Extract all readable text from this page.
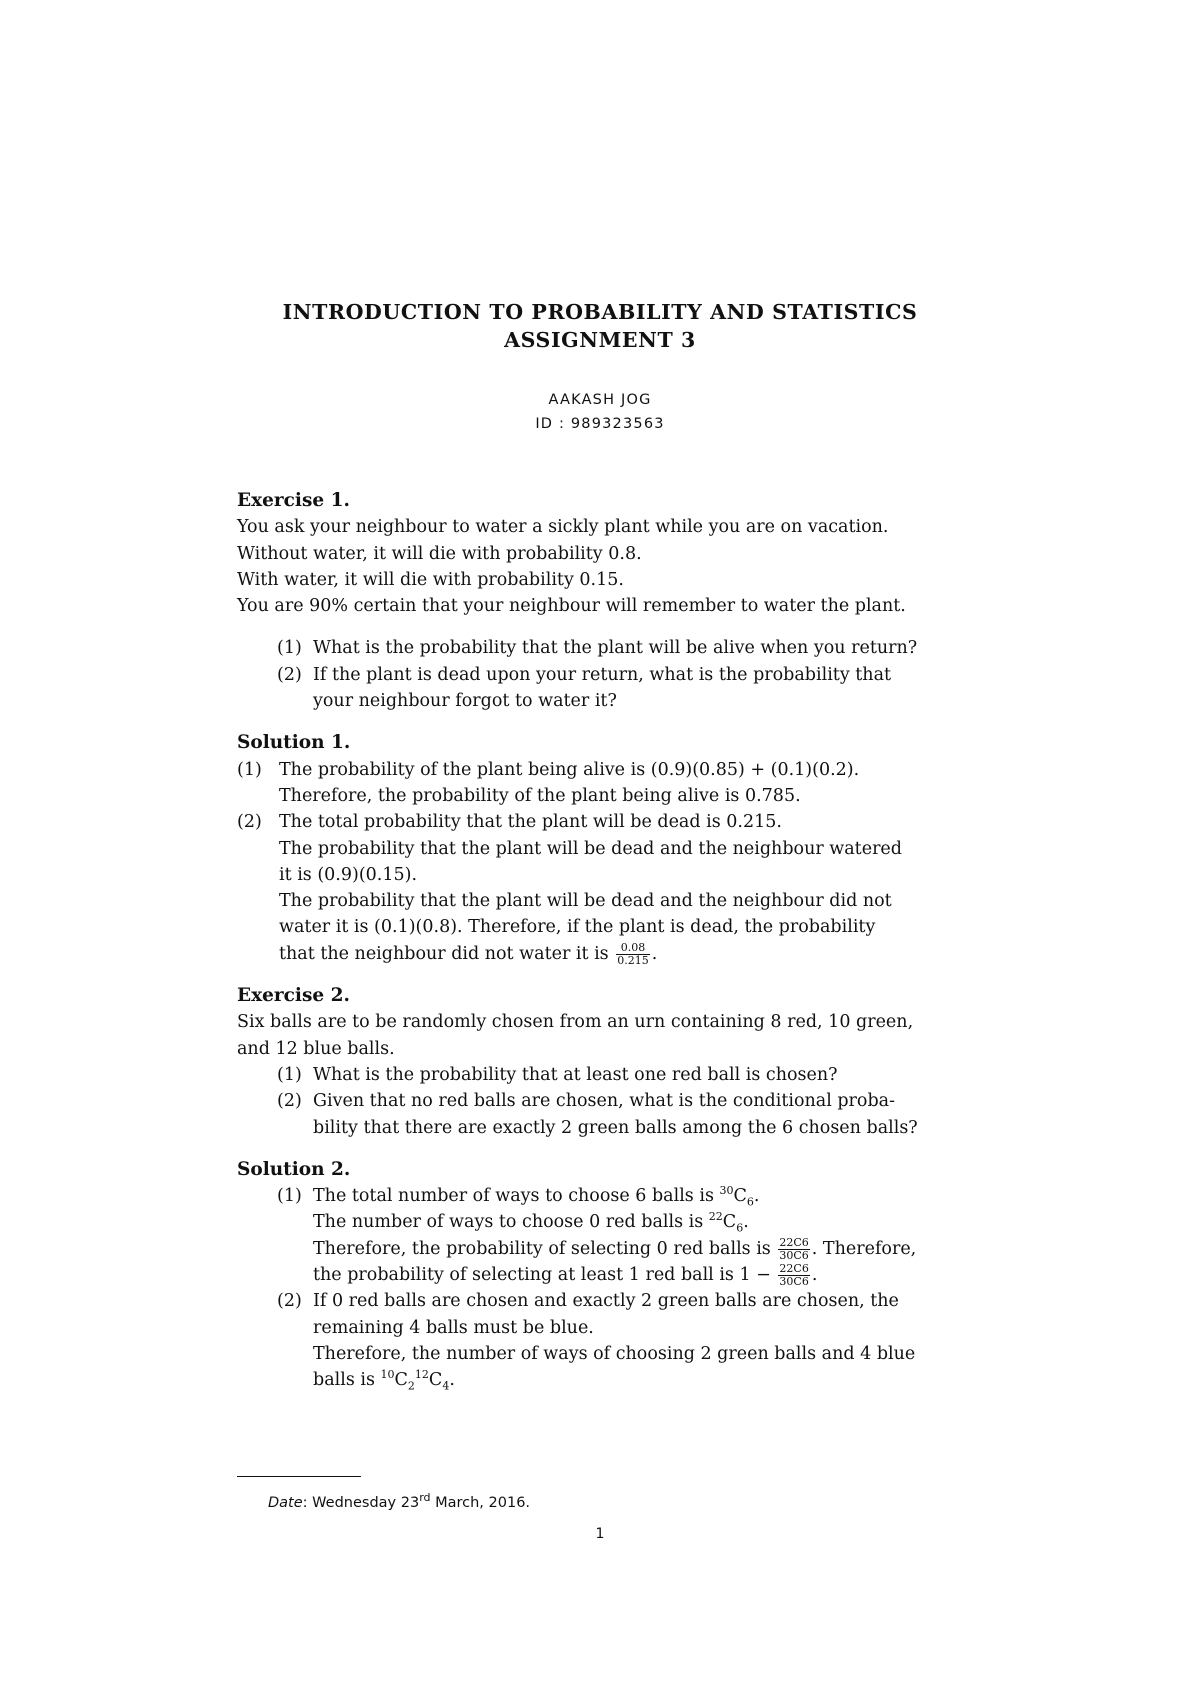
INTRODUCTION TO PROBABILITY AND STATISTICS
ASSIGNMENT 3
AAKASH JOG
ID : 989323563
Exercise 1.
You ask your neighbour to water a sickly plant while you are on vacation.
Without water, it will die with probability 0.8.
With water, it will die with probability 0.15.
You are 90% certain that your neighbour will remember to water the plant.
(1) What is the probability that the plant will be alive when you return?
(2) If the plant is dead upon your return, what is the probability that
your neighbour forgot to water it?
Solution 1.
(1) The probability of the plant being alive is (0.9)(0.85) + (0.1)(0.2).
Therefore, the probability of the plant being alive is 0.785.
(2) The total probability that the plant will be dead is 0.215.
The probability that the plant will be dead and the neighbour watered
it is (0.9)(0.15).
The probability that the plant will be dead and the neighbour did not
water it is (0.1)(0.8). Therefore, if the plant is dead, the probability
that the neighbour did not water it is $\frac{0.08}{0.215}$ .
Exercise 2.
Six balls are to be randomly chosen from an urn containing 8 red, 10 green,
and 12 blue balls.
(1) What is the probability that at least one red ball is chosen?
(2) Given that no red balls are chosen, what is the conditional proba-
bility that there are exactly 2 green balls among the 6 chosen balls?
Solution 2.
(1) The total number of ways to choose 6 balls is $^{30}C_6$.
The number of ways to choose 0 red balls is $^{22}C_6$.
Therefore, the probability of selecting 0 red balls is $\frac{22C6}{30C6}$ . Therefore,
the probability of selecting at least 1 red ball is $1 - \frac{22C6}{30C6}$ .
(2) If 0 red balls are chosen and exactly 2 green balls are chosen, the
remaining 4 balls must be blue.
Therefore, the number of ways of choosing 2 green balls and 4 blue
balls is $^{10}C_2^{12}C_4$.
Date: Wednesday 23rd March, 2016.
1
